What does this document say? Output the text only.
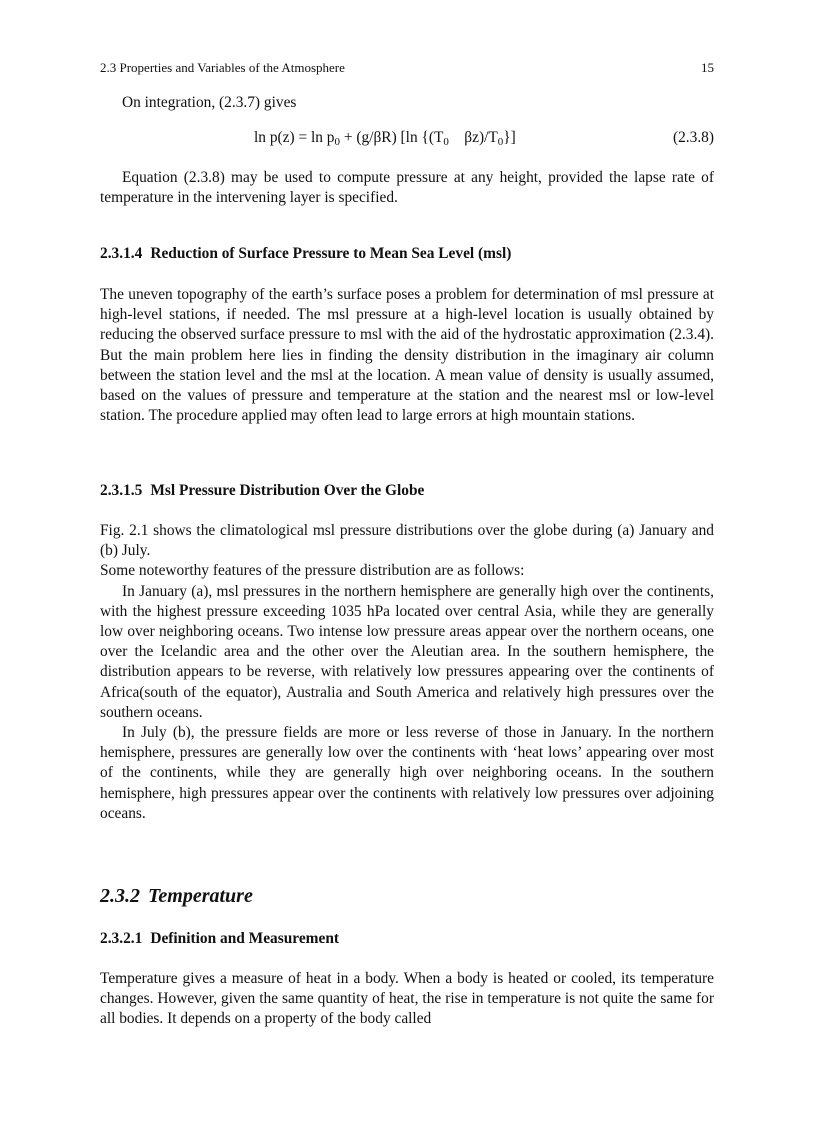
2.3 Properties and Variables of the Atmosphere	15

On integration, (2.3.7) gives

ln p(z) = ln p0 + (g/βR) [ln {(T0    βz)/T0}]	(2.3.8)

Equation (2.3.8) may be used to compute pressure at any height, provided the lapse rate of temperature in the intervening layer is specified.

2.3.1.4 Reduction of Surface Pressure to Mean Sea Level (msl)

The uneven topography of the earth’s surface poses a problem for determination of msl pressure at high-level stations, if needed. The msl pressure at a high-level location is usually obtained by reducing the observed surface pressure to msl with the aid of the hydrostatic approximation (2.3.4). But the main problem here lies in finding the density distribution in the imaginary air column between the station level and the msl at the location. A mean value of density is usually assumed, based on the values of pressure and temperature at the station and the nearest msl or low-level station. The procedure applied may often lead to large errors at high mountain stations.

2.3.1.5 Msl Pressure Distribution Over the Globe

Fig. 2.1 shows the climatological msl pressure distributions over the globe during (a) January and (b) July.

Some noteworthy features of the pressure distribution are as follows:

In January (a), msl pressures in the northern hemisphere are generally high over the continents, with the highest pressure exceeding 1035 hPa located over central Asia, while they are generally low over neighboring oceans. Two intense low pressure areas appear over the northern oceans, one over the Icelandic area and the other over the Aleutian area. In the southern hemisphere, the distribution appears to be reverse, with relatively low pressures appearing over the continents of Africa(south of the equator), Australia and South America and relatively high pressures over the southern oceans.

In July (b), the pressure fields are more or less reverse of those in January. In the northern hemisphere, pressures are generally low over the continents with ‘heat lows’ appearing over most of the continents, while they are generally high over neighboring oceans. In the southern hemisphere, high pressures appear over the continents with relatively low pressures over adjoining oceans.

2.3.2 Temperature
2.3.2.1 Definition and Measurement

Temperature gives a measure of heat in a body. When a body is heated or cooled, its temperature changes. However, given the same quantity of heat, the rise in temperature is not quite the same for all bodies. It depends on a property of the body called
